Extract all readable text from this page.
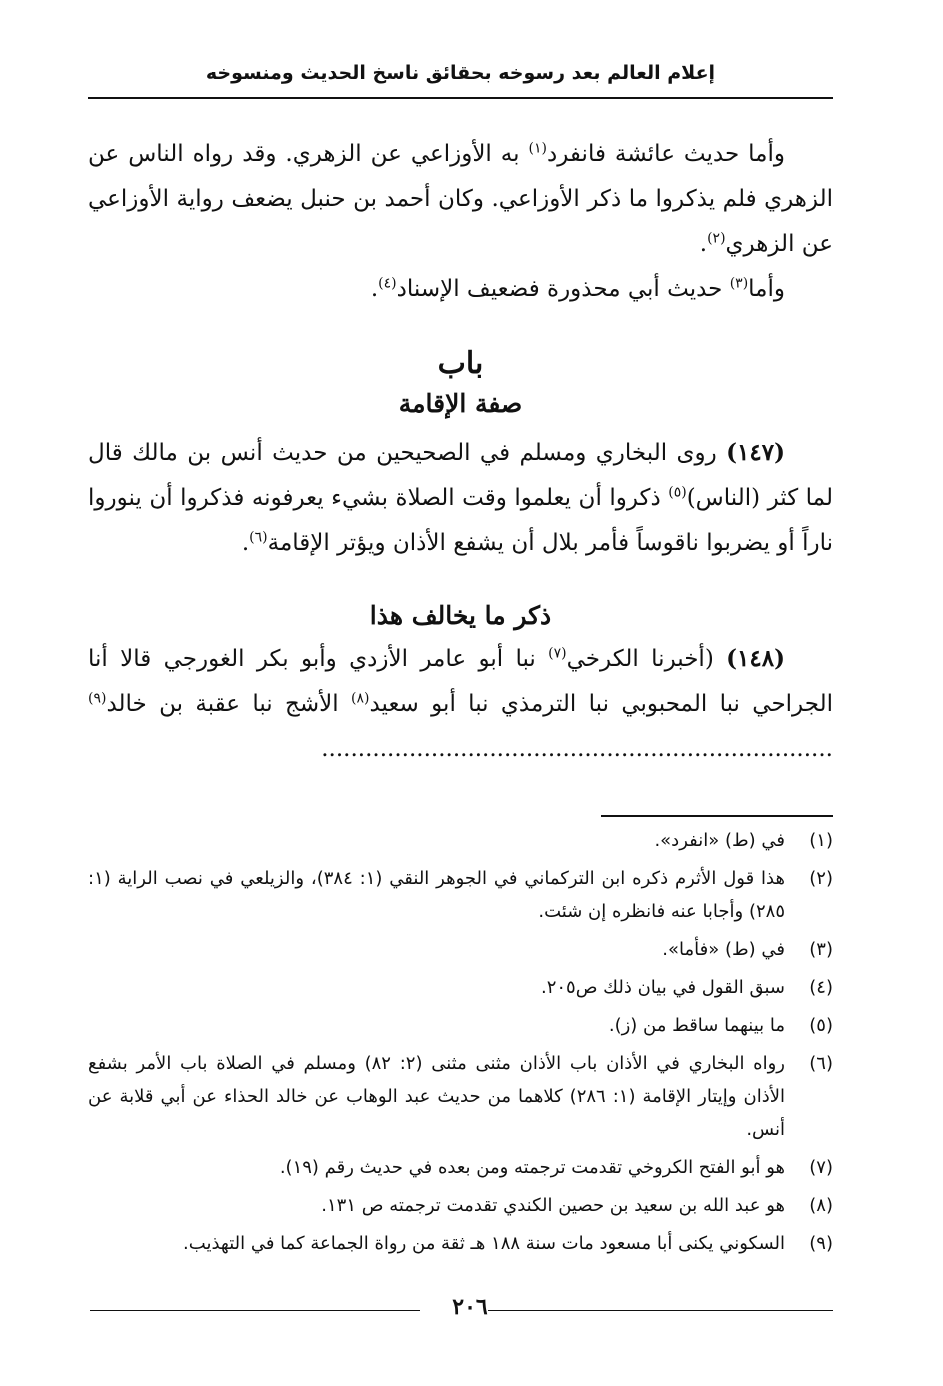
إعلام العالم بعد رسوخه بحقائق ناسخ الحديث ومنسوخه

وأما حديث عائشة فانفرد$^{(١)}$ به الأوزاعي عن الزهري. وقد رواه الناس عن الزهري فلم يذكروا ما ذكر الأوزاعي. وكان أحمد بن حنبل يضعف رواية الأوزاعي عن الزهري$^{(٢)}$.

وأما$^{(٣)}$ حديث أبي محذورة فضعيف الإسناد$^{(٤)}$.

باب
صفة الإقامة

(١٤٧) روى البخاري ومسلم في الصحيحين من حديث أنس بن مالك قال لما كثر (الناس)$^{(٥)}$ ذكروا أن يعلموا وقت الصلاة بشيء يعرفونه فذكروا أن ينوروا ناراً أو يضربوا ناقوساً فأمر بلال أن يشفع الأذان ويؤتر الإقامة$^{(٦)}$.

ذكر ما يخالف هذا

(١٤٨) (أخبرنا الكرخي$^{(٧)}$ نبا أبو عامر الأزدي وأبو بكر الغورجي قالا أنا الجراحي نبا المحبوبي نبا الترمذي نبا أبو سعيد$^{(٨)}$ الأشج نبا عقبة بن خالد$^{(٩)}$ ......................................................................

(١)
في (ط) «انفرد».
(٢)
هذا قول الأثرم ذكره ابن التركماني في الجوهر النقي (١: ٣٨٤)، والزيلعي في نصب الراية (١: ٢٨٥) وأجابا عنه فانظره إن شئت.
(٣)
في (ط) «فأما».
(٤)
سبق القول في بيان ذلك ص٢٠٥.
(٥)
ما بينهما ساقط من (ز).
(٦)
رواه البخاري في الأذان باب الأذان مثنى مثنى (٢: ٨٢) ومسلم في الصلاة باب الأمر بشفع الأذان وإيتار الإقامة (١: ٢٨٦) كلاهما من حديث عبد الوهاب عن خالد الحذاء عن أبي قلابة عن أنس.
(٧)
هو أبو الفتح الكروخي تقدمت ترجمته ومن بعده في حديث رقم (١٩).
(٨)
هو عبد الله بن سعيد بن حصين الكندي تقدمت ترجمته ص ١٣١.
(٩)
السكوني يكنى أبا مسعود مات سنة ١٨٨ هـ ثقة من رواة الجماعة كما في التهذيب.
٢٠٦
